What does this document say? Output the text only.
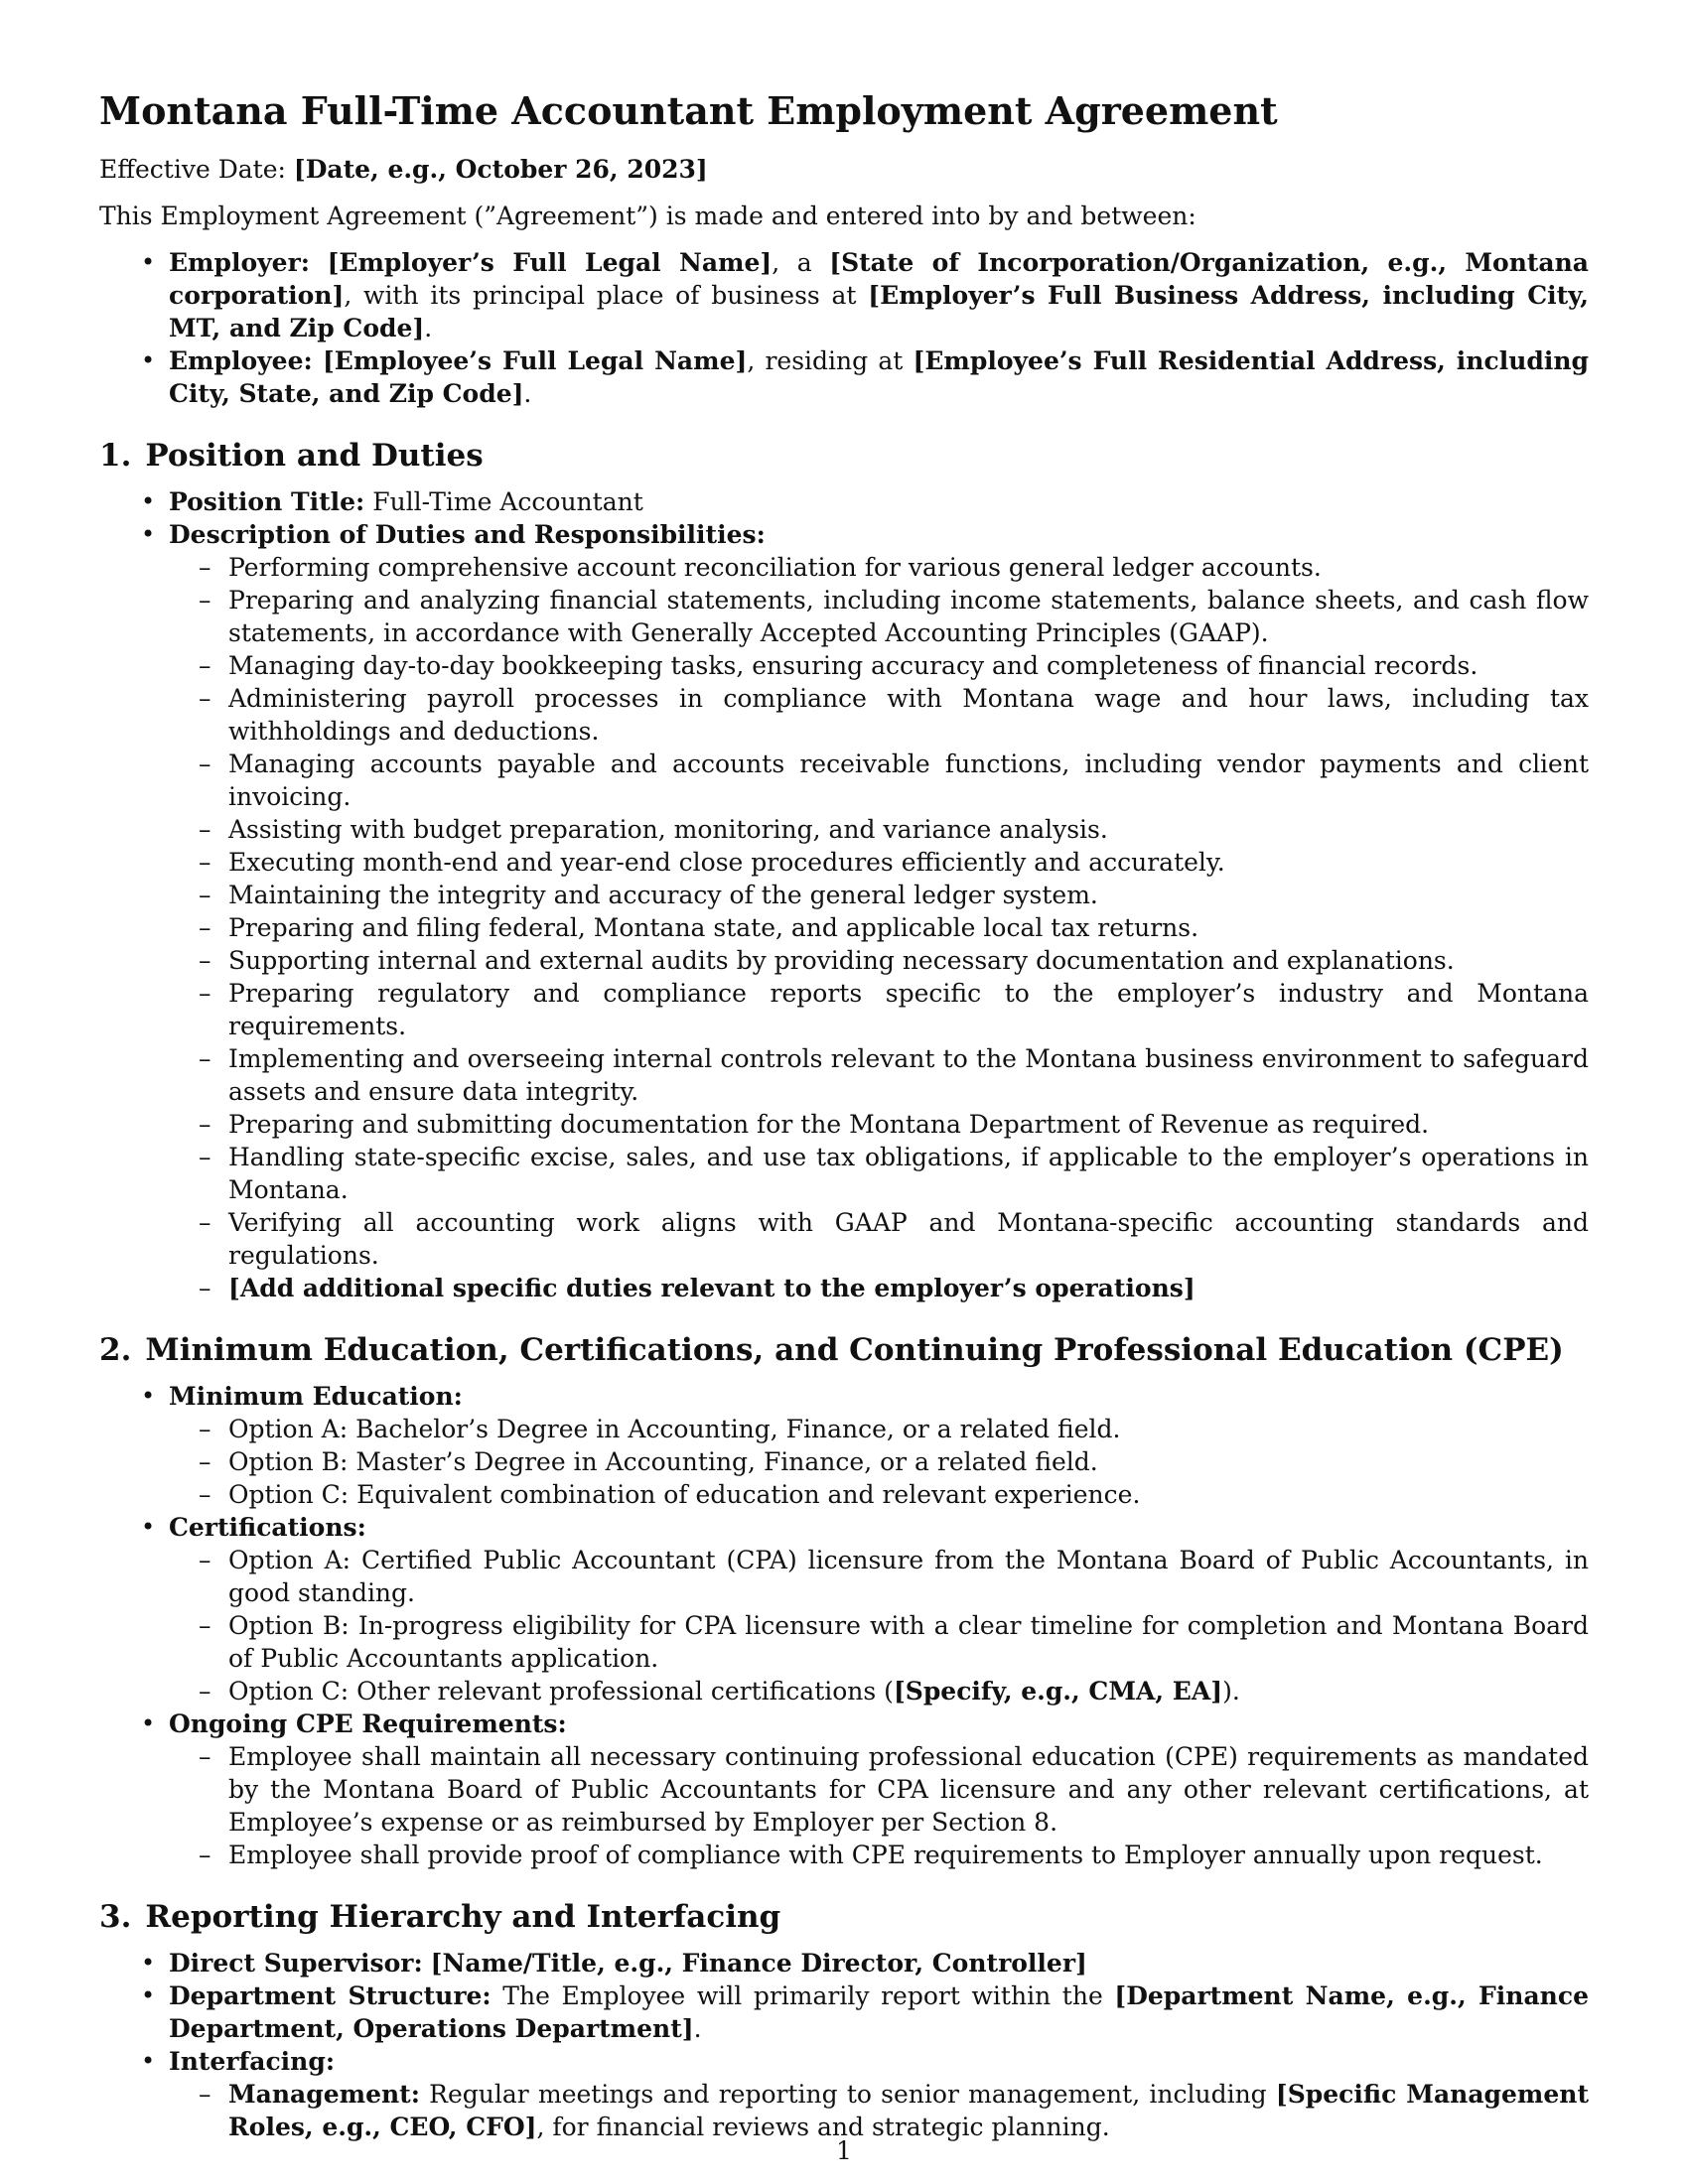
Montana Full-Time Accountant Employment Agreement

Effective Date: [Date, e.g., October 26, 2023]

This Employment Agreement (”Agreement”) is made and entered into by and between:

• Employer: [Employer’s Full Legal Name], a [State of Incorporation/Organization, e.g., Montana corporation], with its principal place of business at [Employer’s Full Business Address, including City, MT, and Zip Code].
• Employee: [Employee’s Full Legal Name], residing at [Employee’s Full Residential Address, including City, State, and Zip Code].
1. Position and Duties
• Position Title: Full-Time Accountant
• Description of Duties and Responsibilities:
– Performing comprehensive account reconciliation for various general ledger accounts.
– Preparing and analyzing financial statements, including income statements, balance sheets, and cash flow statements, in accordance with Generally Accepted Accounting Principles (GAAP).
– Managing day-to-day bookkeeping tasks, ensuring accuracy and completeness of financial records.
– Administering payroll processes in compliance with Montana wage and hour laws, including tax withholdings and deductions.
– Managing accounts payable and accounts receivable functions, including vendor payments and client invoicing.
– Assisting with budget preparation, monitoring, and variance analysis.
– Executing month-end and year-end close procedures efficiently and accurately.
– Maintaining the integrity and accuracy of the general ledger system.
– Preparing and filing federal, Montana state, and applicable local tax returns.
– Supporting internal and external audits by providing necessary documentation and explanations.
– Preparing regulatory and compliance reports specific to the employer’s industry and Montana requirements.
– Implementing and overseeing internal controls relevant to the Montana business environment to safeguard assets and ensure data integrity.
– Preparing and submitting documentation for the Montana Department of Revenue as required.
– Handling state-specific excise, sales, and use tax obligations, if applicable to the employer’s operations in Montana.
– Verifying all accounting work aligns with GAAP and Montana-specific accounting standards and regulations.
– [Add additional specific duties relevant to the employer’s operations]
2. Minimum Education, Certifications, and Continuing Professional Education (CPE)
• Minimum Education:
– Option A: Bachelor’s Degree in Accounting, Finance, or a related field.
– Option B: Master’s Degree in Accounting, Finance, or a related field.
– Option C: Equivalent combination of education and relevant experience.
• Certifications:
– Option A: Certified Public Accountant (CPA) licensure from the Montana Board of Public Accountants, in good standing.
– Option B: In-progress eligibility for CPA licensure with a clear timeline for completion and Montana Board of Public Accountants application.
– Option C: Other relevant professional certifications ([Specify, e.g., CMA, EA]).
• Ongoing CPE Requirements:
– Employee shall maintain all necessary continuing professional education (CPE) requirements as mandated by the Montana Board of Public Accountants for CPA licensure and any other relevant certifications, at Employee’s expense or as reimbursed by Employer per Section 8.
– Employee shall provide proof of compliance with CPE requirements to Employer annually upon request.
3. Reporting Hierarchy and Interfacing
• Direct Supervisor: [Name/Title, e.g., Finance Director, Controller]
• Department Structure: The Employee will primarily report within the [Department Name, e.g., Finance Department, Operations Department].
• Interfacing:
– Management: Regular meetings and reporting to senior management, including [Specific Management Roles, e.g., CEO, CFO], for financial reviews and strategic planning.
1
